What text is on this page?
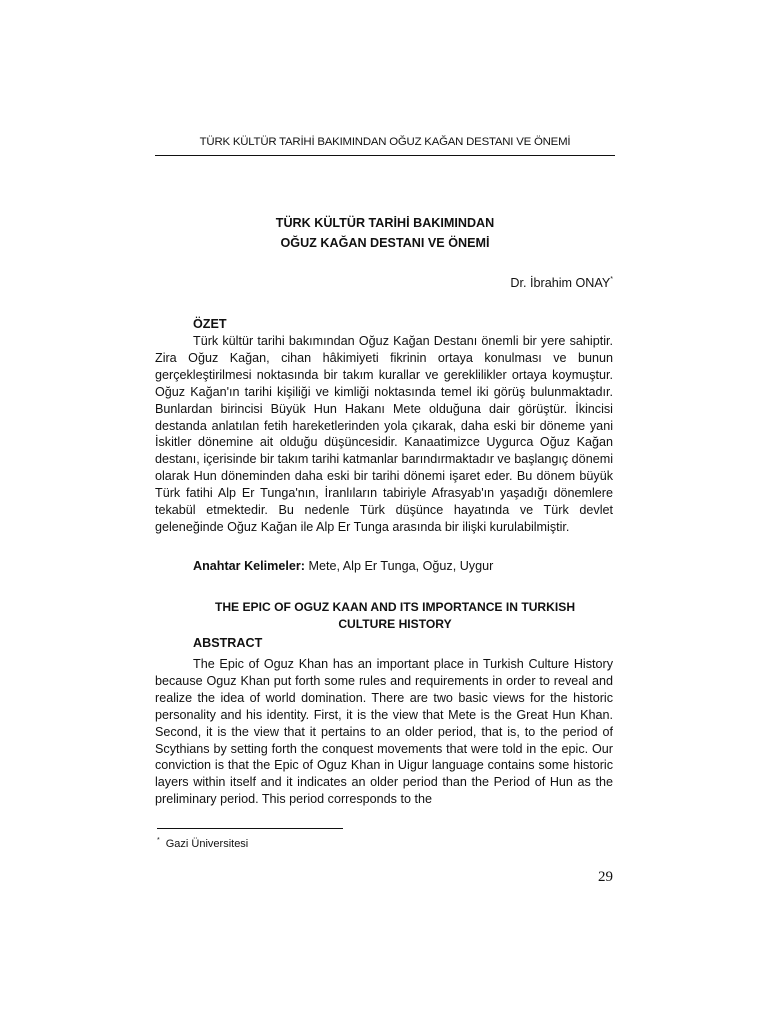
TÜRK KÜLTÜR TARİHİ BAKIMINDAN OĞUZ KAĞAN DESTANI VE ÖNEMİ
TÜRK KÜLTÜR TARİHİ BAKIMINDAN
OĞUZ KAĞAN DESTANI VE ÖNEMİ
Dr. İbrahim ONAY*
ÖZET
Türk kültür tarihi bakımından Oğuz Kağan Destanı önemli bir yere sahiptir. Zira Oğuz Kağan, cihan hâkimiyeti fikrinin ortaya konulması ve bunun gerçekleştirilmesi noktasında bir takım kurallar ve gereklilikler ortaya koymuştur. Oğuz Kağan'ın tarihi kişiliği ve kimliği noktasında temel iki görüş bulunmaktadır. Bunlardan birincisi Büyük Hun Hakanı Mete olduğuna dair görüştür. İkincisi destanda anlatılan fetih hareketlerinden yola çıkarak, daha eski bir döneme yani İskitler dönemine ait olduğu düşüncesidir. Kanaatimizce Uygurca Oğuz Kağan destanı, içerisinde bir takım tarihi katmanlar barındırmaktadır ve başlangıç dönemi olarak Hun döneminden daha eski bir tarihi dönemi işaret eder. Bu dönem büyük Türk fatihi Alp Er Tunga'nın, İranlıların tabiriyle Afrasyab'ın yaşadığı dönemlere tekabül etmektedir. Bu nedenle Türk düşünce hayatında ve Türk devlet geleneğinde Oğuz Kağan ile Alp Er Tunga arasında bir ilişki kurulabilmiştir.
Anahtar Kelimeler: Mete, Alp Er Tunga, Oğuz, Uygur
THE EPIC OF OGUZ KAAN AND ITS IMPORTANCE IN TURKISH
CULTURE HISTORY
ABSTRACT
The Epic of Oguz Khan has an important place in Turkish Culture History because Oguz Khan put forth some rules and requirements in order to reveal and realize the idea of world domination. There are two basic views for the historic personality and his identity. First, it is the view that Mete is the Great Hun Khan. Second, it is the view that it pertains to an older period, that is, to the period of Scythians by setting forth the conquest movements that were told in the epic. Our conviction is that the Epic of Oguz Khan in Uigur language contains some historic layers within itself and it indicates an older period than the Period of Hun as the preliminary period. This period corresponds to the
* Gazi Üniversitesi
29
